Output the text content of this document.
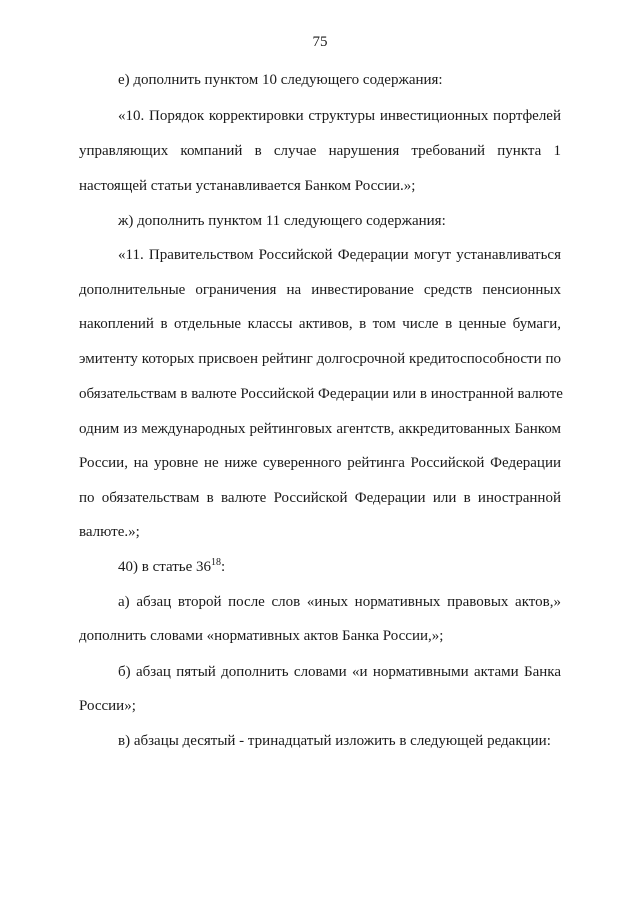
75
е) дополнить пунктом 10 следующего содержания:
«10. Порядок корректировки структуры инвестиционных портфелей
управляющих компаний в случае нарушения требований пункта 1
настоящей статьи устанавливается Банком России.»;
ж) дополнить пунктом 11 следующего содержания:
«11. Правительством Российской Федерации могут устанавливаться
дополнительные ограничения на инвестирование средств пенсионных
накоплений в отдельные классы активов, в том числе в ценные бумаги,
эмитенту которых присвоен рейтинг долгосрочной кредитоспособности по
обязательствам в валюте Российской Федерации или в иностранной валюте
одним из международных рейтинговых агентств, аккредитованных Банком
России, на уровне не ниже суверенного рейтинга Российской Федерации
по обязательствам в валюте Российской Федерации или в иностранной
валюте.»;
40) в статье $36^{18}$:
а) абзац второй после слов «иных нормативных правовых актов,»
дополнить словами «нормативных актов Банка России,»;
б) абзац пятый дополнить словами «и нормативными актами Банка
России»;
в) абзацы десятый - тринадцатый изложить в следующей редакции:
